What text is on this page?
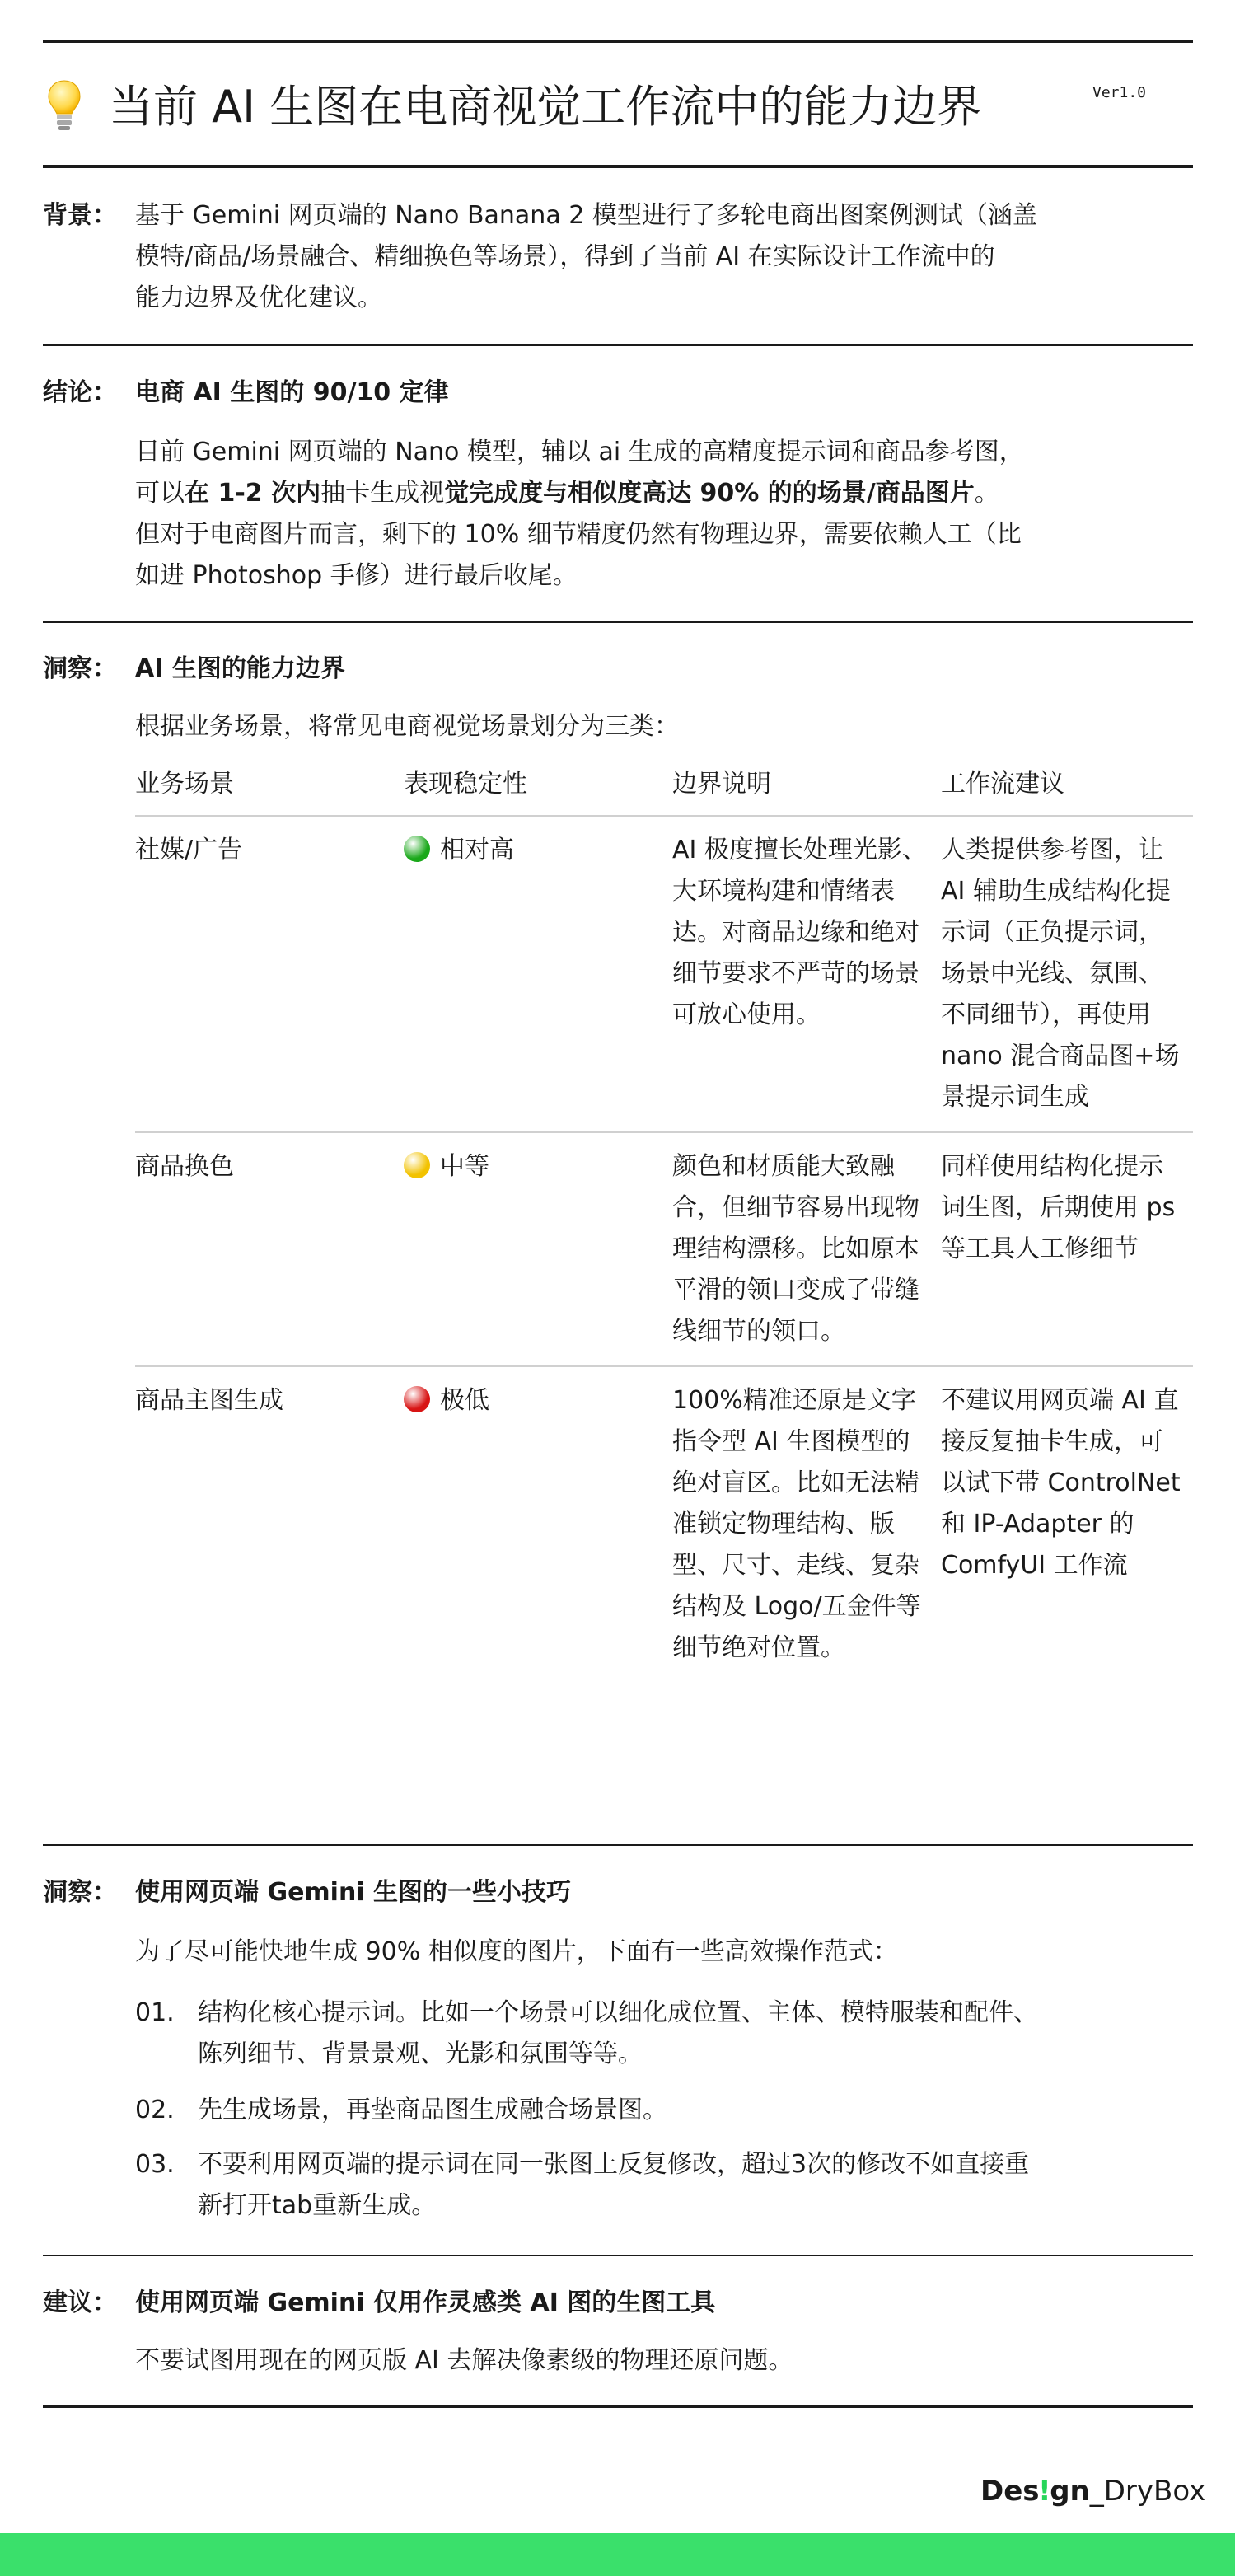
当前 AI 生图在电商视觉工作流中的能力边界	Ver1.0
背景： 基于 Gemini 网页端的 Nano Banana 2 模型进行了多轮电商出图案例测试（涵盖
模特/商品/场景融合、精细换色等场景），得到了当前 AI 在实际设计工作流中的
能力边界及优化建议。
结论： 电商 AI 生图的 90/10 定律
目前 Gemini 网页端的 Nano 模型，辅以 ai 生成的高精度提示词和商品参考图，
可以在 1-2 次内抽卡生成视觉完成度与相似度高达 90% 的的场景/商品图片。
但对于电商图片而言，剩下的 10% 细节精度仍然有物理边界，需要依赖人工（比
如进 Photoshop 手修）进行最后收尾。
洞察： AI 生图的能力边界
根据业务场景，将常见电商视觉场景划分为三类：
业务场景	表现稳定性	边界说明	工作流建议
社媒/广告	相对高	AI 极度擅长处理光影、大环境构建和情绪表达。对商品边缘和绝对细节要求不严苛的场景可放心使用。	人类提供参考图，让 AI 辅助生成结构化提示词（正负提示词，场景中光线、氛围、不同细节），再使用 nano 混合商品图+场景提示词生成
商品换色	中等	颜色和材质能大致融合，但细节容易出现物理结构漂移。比如原本平滑的领口变成了带缝线细节的领口。	同样使用结构化提示词生图，后期使用 ps 等工具人工修细节
商品主图生成	极低	100%精准还原是文字指令型 AI 生图模型的绝对盲区。比如无法精准锁定物理结构、版型、尺寸、走线、复杂结构及 Logo/五金件等细节绝对位置。	不建议用网页端 AI 直接反复抽卡生成，可以试下带 ControlNet 和 IP-Adapter 的 ComfyUI 工作流
洞察： 使用网页端 Gemini 生图的一些小技巧
为了尽可能快地生成 90% 相似度的图片，下面有一些高效操作范式：
01. 结构化核心提示词。比如一个场景可以细化成位置、主体、模特服装和配件、
陈列细节、背景景观、光影和氛围等等。
02. 先生成场景，再垫商品图生成融合场景图。
03. 不要利用网页端的提示词在同一张图上反复修改，超过3次的修改不如直接重
新打开tab重新生成。
建议： 使用网页端 Gemini 仅用作灵感类 AI 图的生图工具
不要试图用现在的网页版 AI 去解决像素级的物理还原问题。
Desǃgn_DryBox
